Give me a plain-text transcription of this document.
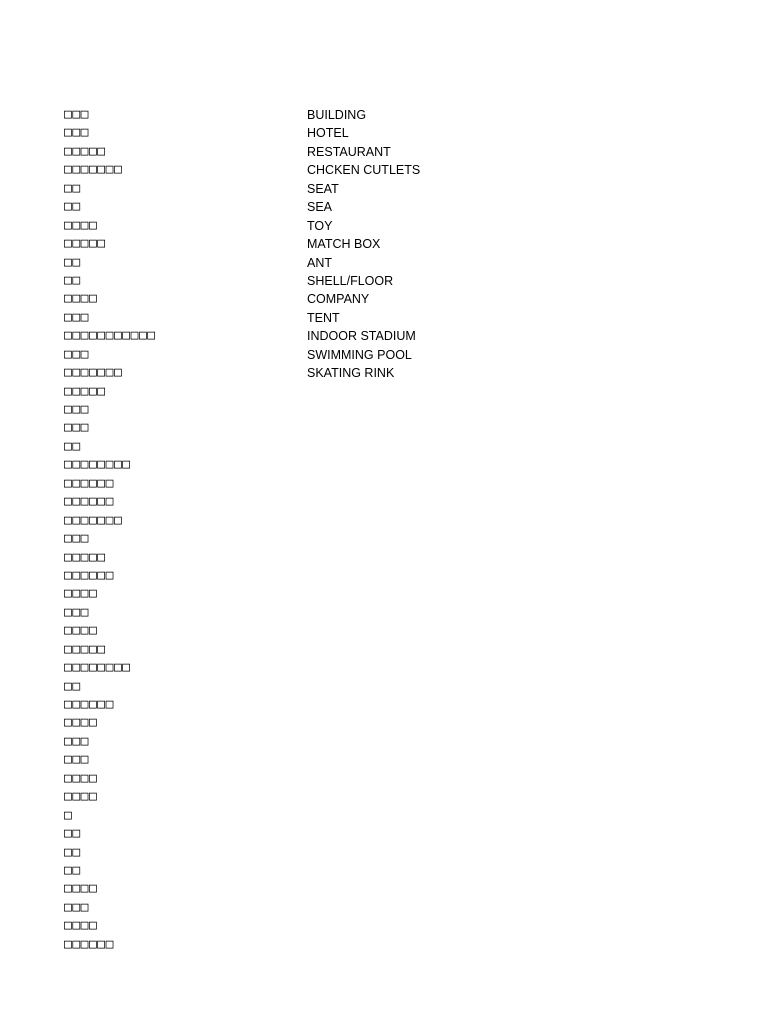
□□□
□□□
□□□□□
□□□□□□□
□□
□□
□□□□
□□□□□
□□
□□
□□□□
□□□
□□□□□□□□□□□
□□□
□□□□□□□
□□□□□
□□□
□□□
□□
□□□□□□□□
□□□□□□
□□□□□□
□□□□□□□
□□□
□□□□□
□□□□□□
□□□□
□□□
□□□□
□□□□□
□□□□□□□□
□□
□□□□□□
□□□□
□□□
□□□
□□□□
□□□□
□
□□
□□
□□
□□□□
□□□
□□□□
□□□□□□
BUILDING
HOTEL
RESTAURANT
CHCKEN CUTLETS
SEAT
SEA
TOY
MATCH BOX
ANT
SHELL/FLOOR
COMPANY
TENT
INDOOR STADIUM
SWIMMING POOL
SKATING RINK
